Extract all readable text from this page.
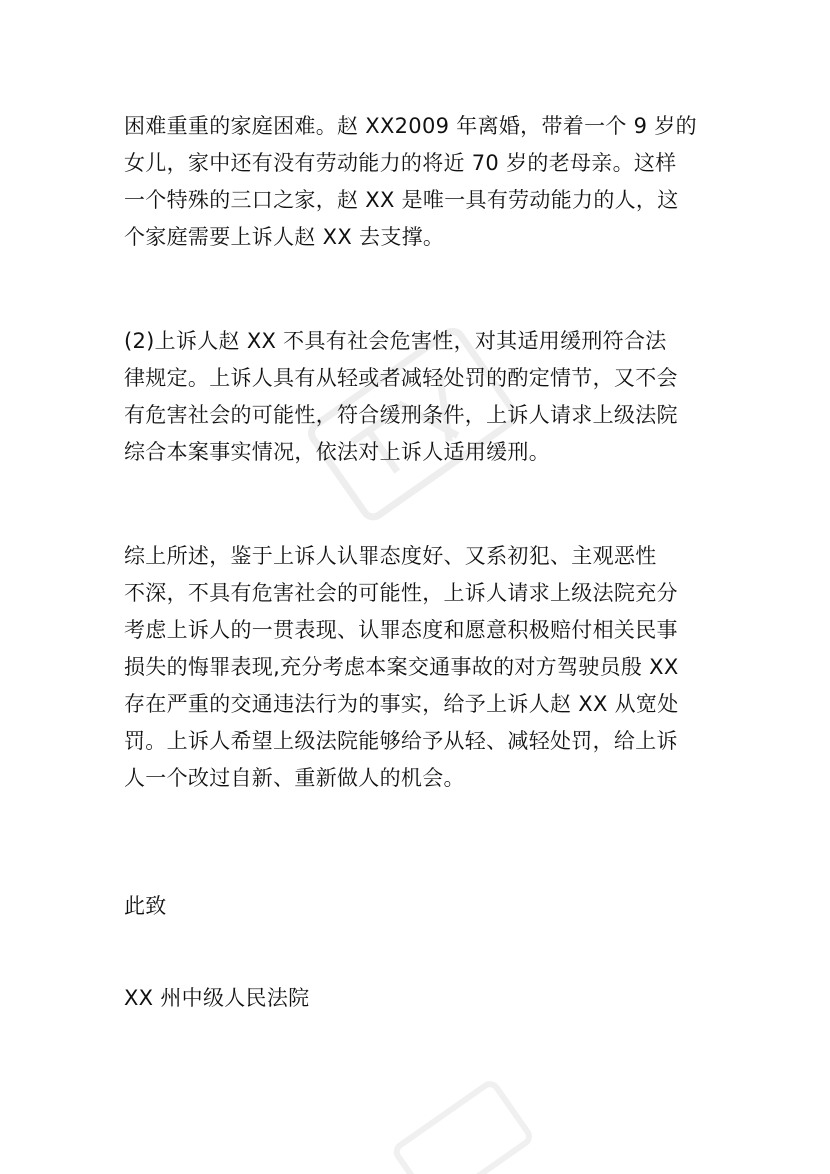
困难重重的家庭困难。赵 XX2009 年离婚，带着一个 9 岁的
女儿，家中还有没有劳动能力的将近 70 岁的老母亲。这样
一个特殊的三口之家，赵 XX 是唯一具有劳动能力的人，这
个家庭需要上诉人赵 XX 去支撑。
(2)上诉人赵 XX 不具有社会危害性，对其适用缓刑符合法
律规定。上诉人具有从轻或者减轻处罚的酌定情节，又不会
有危害社会的可能性，符合缓刑条件，上诉人请求上级法院
综合本案事实情况，依法对上诉人适用缓刑。
综上所述，鉴于上诉人认罪态度好、又系初犯、主观恶性
不深，不具有危害社会的可能性，上诉人请求上级法院充分
考虑上诉人的一贯表现、认罪态度和愿意积极赔付相关民事
损失的悔罪表现,充分考虑本案交通事故的对方驾驶员殷 XX
存在严重的交通违法行为的事实，给予上诉人赵 XX 从宽处
罚。上诉人希望上级法院能够给予从轻、减轻处罚，给上诉
人一个改过自新、重新做人的机会。
此致
XX 州中级人民法院
